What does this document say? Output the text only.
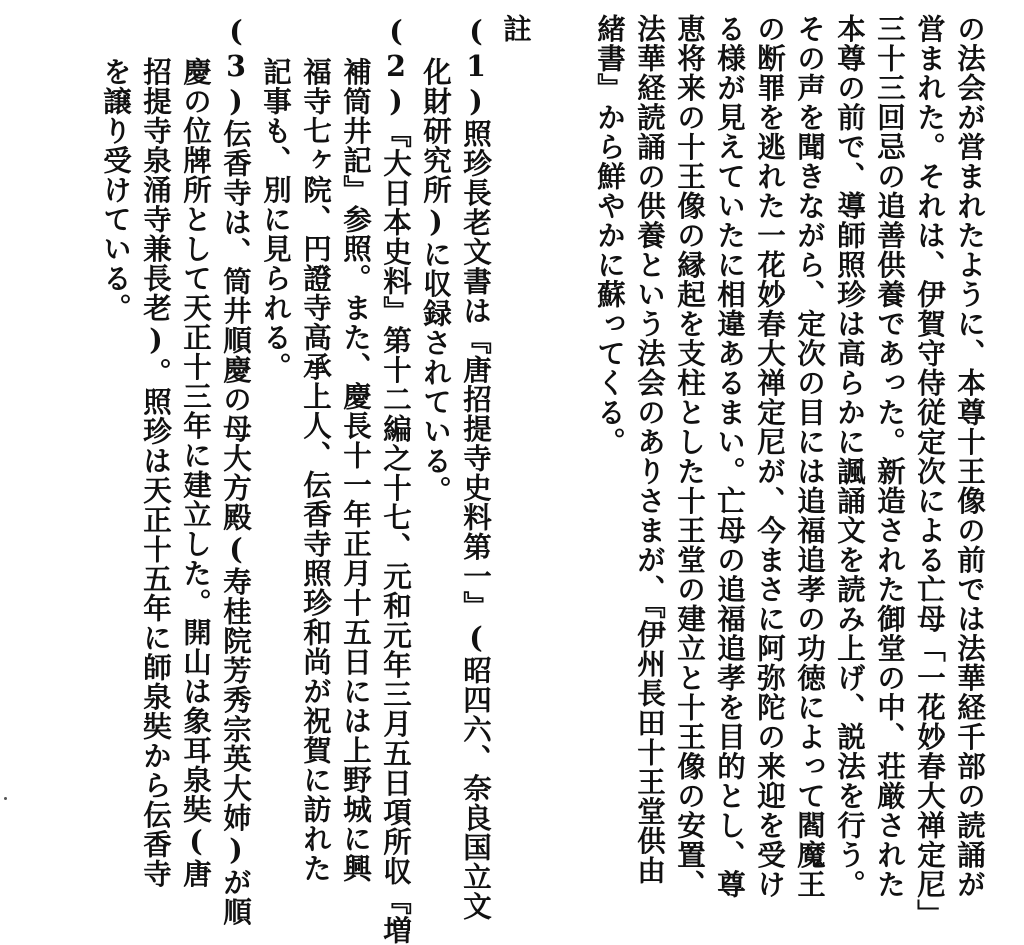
の法会が営まれたように、本尊十王像の前では法華経千部の読誦が
営まれた。それは、伊賀守侍従定次による亡母「一花妙春大禅定尼」
三十三回忌の追善供養であった。新造された御堂の中、荘厳された
本尊の前で、導師照珍は高らかに諷誦文を読み上げ、説法を行う。
その声を聞きながら、定次の目には追福追孝の功徳によって閻魔王
の断罪を逃れた一花妙春大禅定尼が、今まさに阿弥陀の来迎を受け
る様が見えていたに相違あるまい。亡母の追福追孝を目的とし、尊
恵将来の十王像の縁起を支柱とした十王堂の建立と十王像の安置、
法華経読誦の供養という法会のありさまが、『伊州長田十王堂供由
緒書』から鮮やかに蘇ってくる。
註
(1)照珍長老文書は『唐招提寺史料第一』(昭四六、奈良国立文
化財研究所)に収録されている。
(2)『大日本史料』第十二編之十七、元和元年三月五日項所収『増
補筒井記』参照。また、慶長十一年正月十五日には上野城に興
福寺七ヶ院、円證寺高承上人、伝香寺照珍和尚が祝賀に訪れた
記事も、別に見られる。
(3)伝香寺は、筒井順慶の母大方殿(寿桂院芳秀宗英大姉)が順
慶の位牌所として天正十三年に建立した。開山は象耳泉奘(唐
招提寺泉涌寺兼長老)。照珍は天正十五年に師泉奘から伝香寺
を譲り受けている。
